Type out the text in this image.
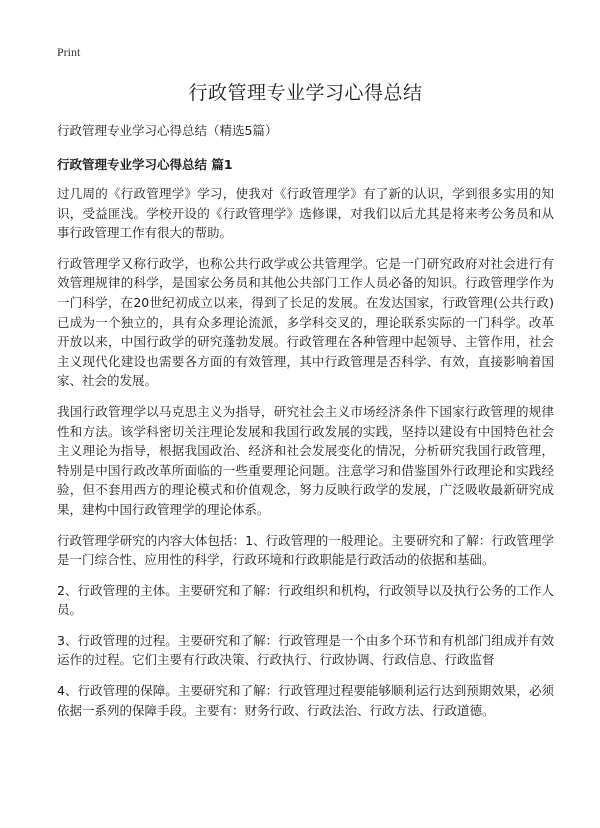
Print
行政管理专业学习心得总结

行政管理专业学习心得总结（精选5篇）

行政管理专业学习心得总结 篇1

过几周的《行政管理学》学习，使我对《行政管理学》有了新的认识，学到很多实用的知识，受益匪浅。学校开设的《行政管理学》选修课，对我们以后尤其是将来考公务员和从事行政管理工作有很大的帮助。

行政管理学又称行政学，也称公共行政学或公共管理学。它是一门研究政府对社会进行有效管理规律的科学，是国家公务员和其他公共部门工作人员必备的知识。行政管理学作为一门科学，在20世纪初成立以来，得到了长足的发展。在发达国家，行政管理(公共行政)已成为一个独立的，具有众多理论流派，多学科交叉的，理论联系实际的一门科学。改革开放以来，中国行政学的研究蓬勃发展。行政管理在各种管理中起领导、主管作用，社会主义现代化建设也需要各方面的有效管理，其中行政管理是否科学、有效，直接影响着国家、社会的发展。

我国行政管理学以马克思主义为指导，研究社会主义市场经济条件下国家行政管理的规律性和方法。该学科密切关注理论发展和我国行政发展的实践，坚持以建设有中国特色社会主义理论为指导，根据我国政治、经济和社会发展变化的情况，分析研究我国行政管理，特别是中国行政改革所面临的一些重要理论问题。注意学习和借鉴国外行政理论和实践经验，但不套用西方的理论模式和价值观念，努力反映行政学的发展，广泛吸收最新研究成果，建构中国行政管理学的理论体系。

行政管理学研究的内容大体包括：1、行政管理的一般理论。主要研究和了解：行政管理学是一门综合性、应用性的科学，行政环境和行政职能是行政活动的依据和基础。

2、行政管理的主体。主要研究和了解：行政组织和机构，行政领导以及执行公务的工作人员。

3、行政管理的过程。主要研究和了解：行政管理是一个由多个环节和有机部门组成并有效运作的过程。它们主要有行政决策、行政执行、行政协调、行政信息、行政监督

4、行政管理的保障。主要研究和了解：行政管理过程要能够顺利运行达到预期效果，必须依据一系列的保障手段。主要有：财务行政、行政法治、行政方法、行政道德。
